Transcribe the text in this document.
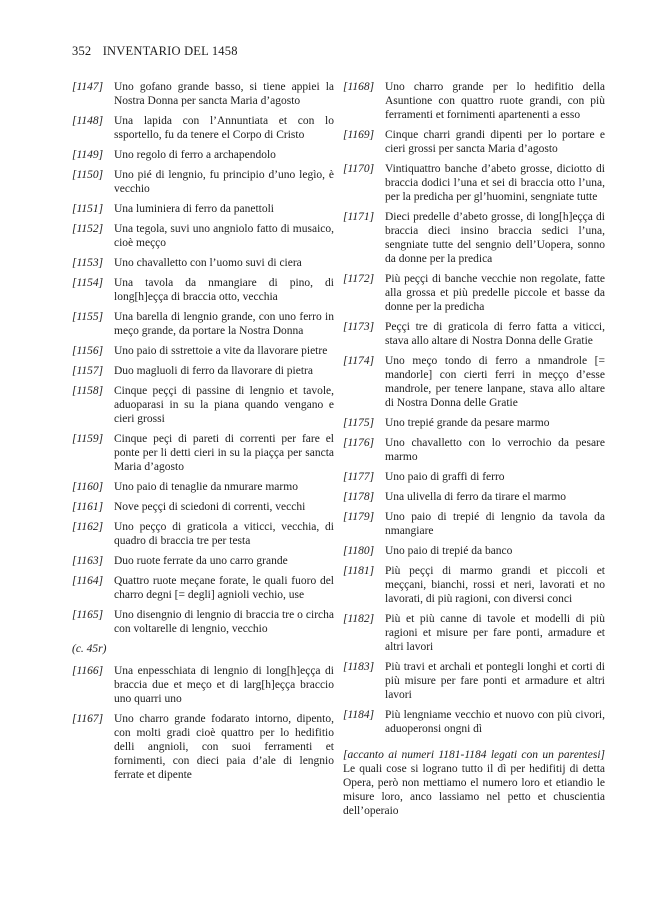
352 INVENTARIO DEL 1458
[1147] Uno gofano grande basso, si tiene appiei la Nostra Donna per sancta Maria d’agosto
[1148] Una lapida con l’Annuntiata et con lo ssportello, fu da tenere el Corpo di Cristo
[1149] Uno regolo di ferro a archapendolo
[1150] Uno pié di lengnio, fu principio d’uno legìo, è vecchio
[1151] Una luminiera di ferro da panettoli
[1152] Una tegola, suvi uno angniolo fatto di musaico, cioè meçço
[1153] Uno chavalletto con l’uomo suvi di ciera
[1154] Una tavola da nmangiare di pino, di long[h]eçça di braccia otto, vecchia
[1155] Una barella di lengnio grande, con uno ferro in meço grande, da portare la Nostra Donna
[1156] Uno paio di sstrettoie a vite da llavorare pietre
[1157] Duo magluoli di ferro da llavorare di pietra
[1158] Cinque peççi di passine di lengnio et tavole, aduoparasi in su la piana quando vengano e cieri grossi
[1159] Cinque peçi di pareti di correnti per fare el ponte per li detti cieri in su la piaçça per sancta Maria d’agosto
[1160] Uno paio di tenaglie da nmurare marmo
[1161] Nove peççi di sciedoni di correnti, vecchi
[1162] Uno peçço di graticola a viticci, vecchia, di quadro di braccia tre per testa
[1163] Duo ruote ferrate da uno carro grande
[1164] Quattro ruote meçane forate, le quali fuoro del charro degni [= degli] agnioli vechio, use
[1165] Uno disengnio di lengnio di braccia tre o circha con voltarelle di lengnio, vecchio
(c. 45r)
[1166] Una enpesschiata di lengnio di long[h]eçça di braccia due et meço et di larg[h]eçça braccio uno quarri uno
[1167] Uno charro grande fodarato intorno, dipento, con molti gradi cioè quattro per lo hedifitio delli angnioli, con suoi ferramenti et fornimenti, con dieci paia d’ale di lengnio ferrate et dipente
[1168] Uno charro grande per lo hedifitio della Asuntione con quattro ruote grandi, con più ferramenti et fornimenti apartenenti a esso
[1169] Cinque charri grandi dipenti per lo portare e cieri grossi per sancta Maria d’agosto
[1170] Vintiquattro banche d’abeto grosse, diciotto di braccia dodici l’una et sei di braccia otto l’una, per la predicha per gl’huomini, sengniate tutte
[1171] Dieci predelle d’abeto grosse, di long[h]eçça di braccia dieci insino braccia sedici l’una, sengniate tutte del sengnio dell’Uopera, sonno da donne per la predica
[1172] Più peççi di banche vecchie non regolate, fatte alla grossa et più predelle piccole et basse da donne per la predicha
[1173] Peççi tre di graticola di ferro fatta a viticci, stava allo altare di Nostra Donna delle Gratie
[1174] Uno meço tondo di ferro a nmandrole [= mandorle] con cierti ferri in meçço d’esse mandrole, per tenere lanpane, stava allo altare di Nostra Donna delle Gratie
[1175] Uno trepié grande da pesare marmo
[1176] Uno chavalletto con lo verrochio da pesare marmo
[1177] Uno paio di graffi di ferro
[1178] Una ulivella di ferro da tirare el marmo
[1179] Uno paio di trepié di lengnio da tavola da nmangiare
[1180] Uno paio di trepié da banco
[1181] Più peççi di marmo grandi et piccoli et meççani, bianchi, rossi et neri, lavorati et no lavorati, di più ragioni, con diversi conci
[1182] Più et più canne di tavole et modelli di più ragioni et misure per fare ponti, armadure et altri lavori
[1183] Più travi et archali et pontegli longhi et corti di più misure per fare ponti et armadure et altri lavori
[1184] Più lengniame vecchio et nuovo con più civori, aduoperonsi ongni dì
[accanto ai numeri 1181-1184 legati con un parentesi] Le quali cose si lograno tutto il dì per hedifitij di detta Opera, però non mettiamo el numero loro et etiandio le misure loro, anco lassiamo nel petto et chuscientia dell’operaio
